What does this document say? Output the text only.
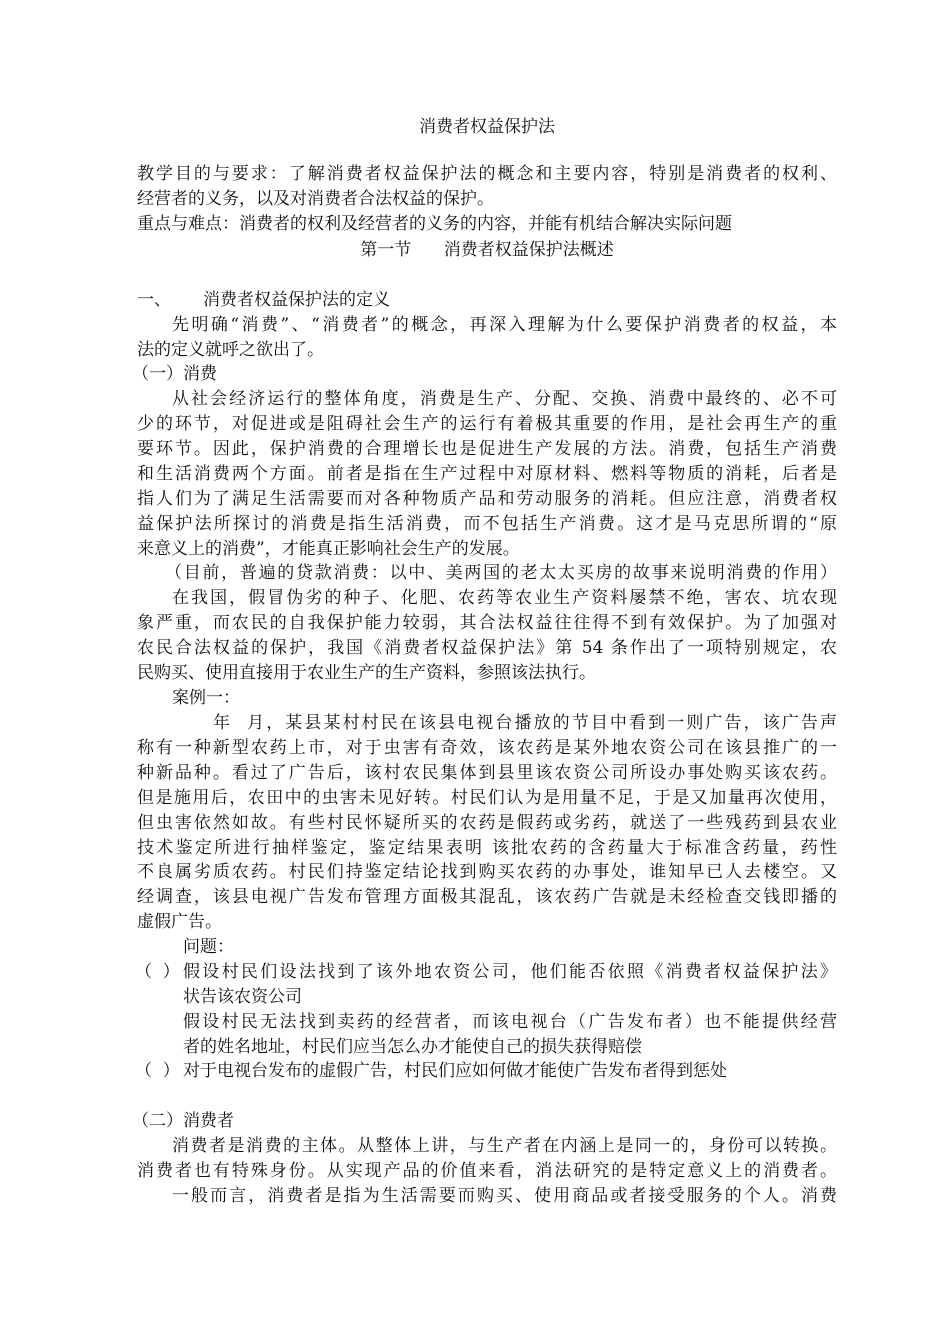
消费者权益保护法
教学目的与要求：了解消费者权益保护法的概念和主要内容，特别是消费者的权利、
经营者的义务，以及对消费者合法权益的保护。
重点与难点：消费者的权利及经营者的义务的内容，并能有机结合解决实际问题
第一节      消费者权益保护法概述
一、	消费者权益保护法的定义
先明确“消费”、“消费者”的概念，再深入理解为什么要保护消费者的权益，本
法的定义就呼之欲出了。
（一）消费
从社会经济运行的整体角度，消费是生产、分配、交换、消费中最终的、必不可
少的环节，对促进或是阻碍社会生产的运行有着极其重要的作用，是社会再生产的重
要环节。因此，保护消费的合理增长也是促进生产发展的方法。消费，包括生产消费
和生活消费两个方面。前者是指在生产过程中对原材料、燃料等物质的消耗，后者是
指人们为了满足生活需要而对各种物质产品和劳动服务的消耗。但应注意，消费者权
益保护法所探讨的消费是指生活消费，而不包括生产消费。这才是马克思所谓的“原
来意义上的消费”，才能真正影响社会生产的发展。
（目前，普遍的贷款消费：以中、美两国的老太太买房的故事来说明消费的作用）
在我国，假冒伪劣的种子、化肥、农药等农业生产资料屡禁不绝，害农、坑农现
象严重，而农民的自我保护能力较弱，其合法权益往往得不到有效保护。为了加强对
农民合法权益的保护，我国《消费者权益保护法》第 54 条作出了一项特别规定，农
民购买、使用直接用于农业生产的生产资料，参照该法执行。
案例一：
年  月，某县某村村民在该县电视台播放的节目中看到一则广告，该广告声
称有一种新型农药上市，对于虫害有奇效，该农药是某外地农资公司在该县推广的一
种新品种。看过了广告后，该村农民集体到县里该农资公司所设办事处购买该农药。
但是施用后，农田中的虫害未见好转。村民们认为是用量不足，于是又加量再次使用，
但虫害依然如故。有些村民怀疑所买的农药是假药或劣药，就送了一些残药到县农业
技术鉴定所进行抽样鉴定，鉴定结果表明 该批农药的含药量大于标准含药量，药性
不良属劣质农药。村民们持鉴定结论找到购买农药的办事处，谁知早已人去楼空。又
经调查，该县电视广告发布管理方面极其混乱，该农药广告就是未经检查交钱即播的
虚假广告。
问题：
（  ） 假设村民们设法找到了该外地农资公司，他们能否依照《消费者权益保护法》
状告该农资公司
假设村民无法找到卖药的经营者，而该电视台（广告发布者）也不能提供经营
者的姓名地址，村民们应当怎么办才能使自己的损失获得赔偿
（  ） 对于电视台发布的虚假广告，村民们应如何做才能使广告发布者得到惩处
（二）消费者
消费者是消费的主体。从整体上讲，与生产者在内涵上是同一的，身份可以转换。
消费者也有特殊身份。从实现产品的价值来看，消法研究的是特定意义上的消费者。
一般而言，消费者是指为生活需要而购买、使用商品或者接受服务的个人。消费
